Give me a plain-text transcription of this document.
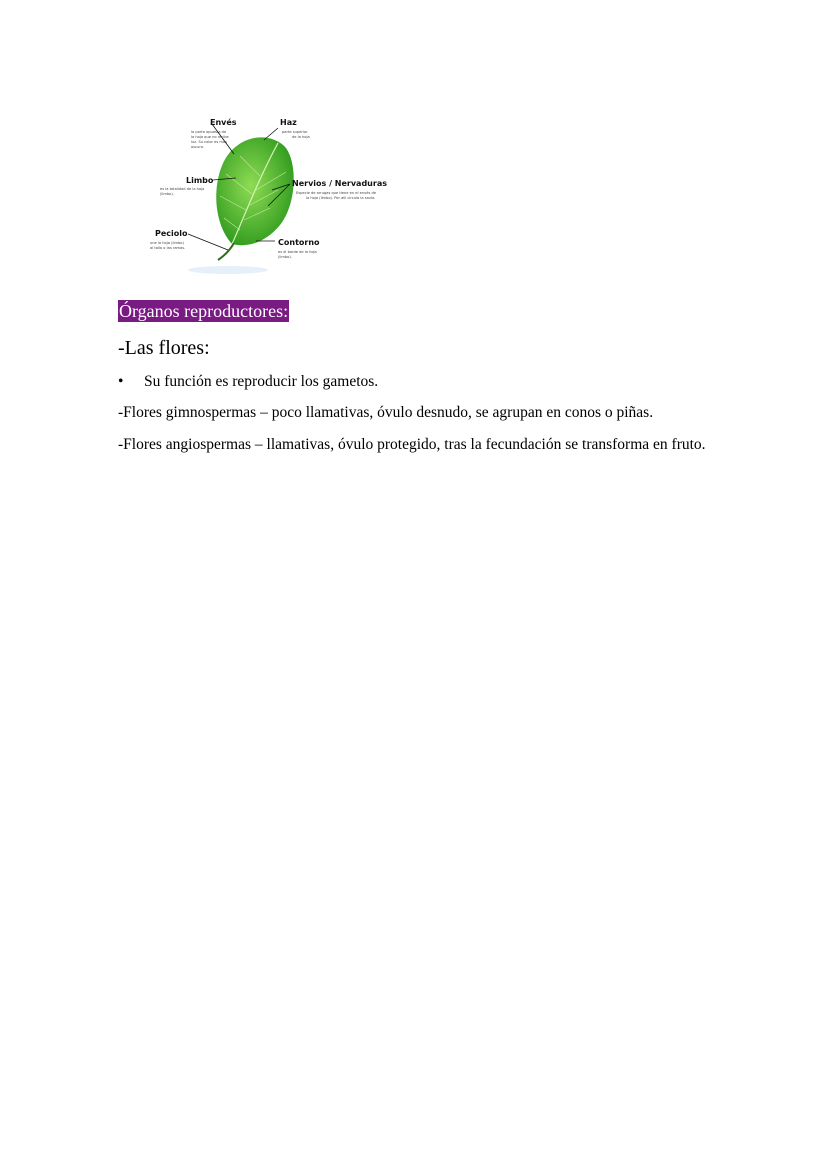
Envés
la parte opuesta de
la hoja que no recibe
luz. Su color es más
oscuro.
Haz
parte superior
de la hoja
Limbo
es la totalidad de la hoja
(limbo).
Nervios / Nervaduras
Especie de arrugas que tiene en el envés de
la hoja (limbo). Por allí circula la savia.
Peciolo
une la hoja (limbo)
al tallo o las ramas.
Contorno
es el borde de la hoja
(limbo).
Órganos reproductores:
-Las flores:
•	Su función es reproducir los gametos.
-Flores gimnospermas – poco llamativas, óvulo desnudo, se agrupan en conos o piñas.
-Flores angiospermas – llamativas, óvulo protegido, tras la fecundación se transforma en fruto.
